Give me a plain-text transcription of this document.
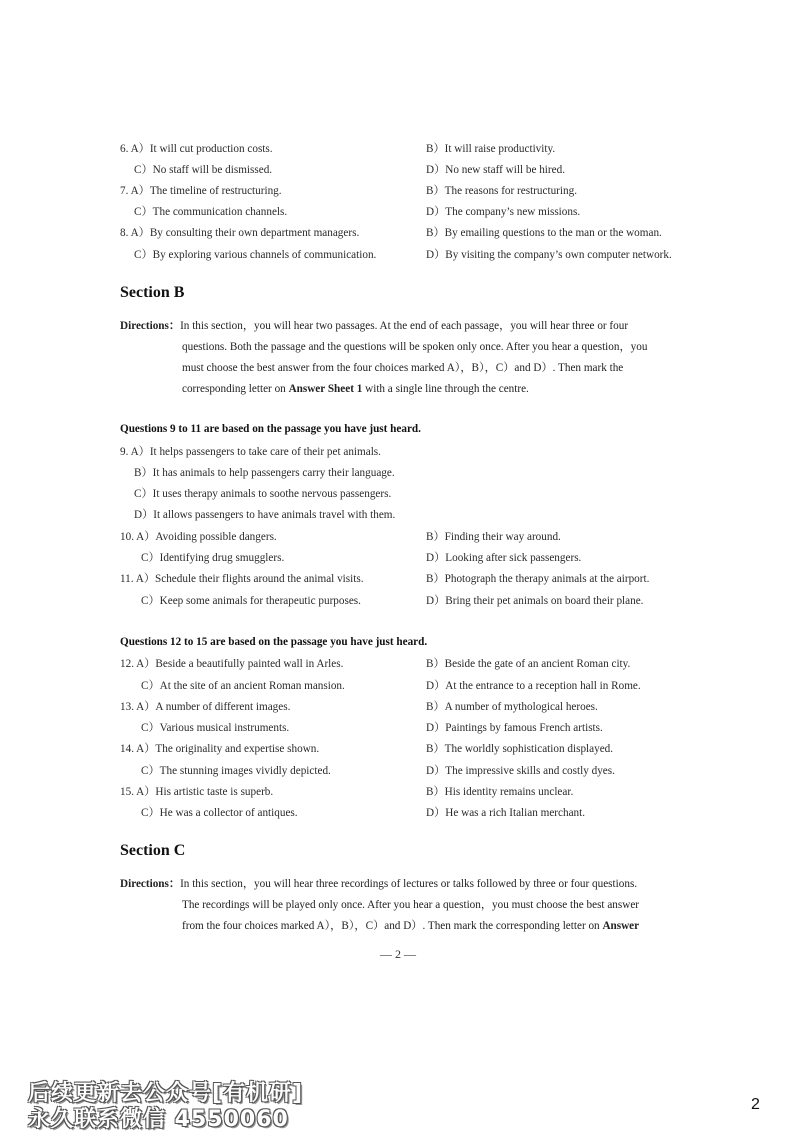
6. A）It will cut production costs.	B）It will raise productivity.
C）No staff will be dismissed.	D）No new staff will be hired.
7. A）The timeline of restructuring.	B）The reasons for restructuring.
C）The communication channels.	D）The company’s new missions.
8. A）By consulting their own department managers.	B）By emailing questions to the man or the woman.
C）By exploring various channels of communication.	D）By visiting the company’s own computer network.
Section B
Directions：In this section，you will hear two passages. At the end of each passage，you will hear three or four
questions. Both the passage and the questions will be spoken only once. After you hear a question，you
must choose the best answer from the four choices marked A），B），C）and D）. Then mark the
corresponding letter on Answer Sheet 1 with a single line through the centre.
Questions 9 to 11 are based on the passage you have just heard.
9. A）It helps passengers to take care of their pet animals.
B）It has animals to help passengers carry their language.
C）It uses therapy animals to soothe nervous passengers.
D）It allows passengers to have animals travel with them.
10. A）Avoiding possible dangers.	B）Finding their way around.
C）Identifying drug smugglers.	D）Looking after sick passengers.
11. A）Schedule their flights around the animal visits.	B）Photograph the therapy animals at the airport.
C）Keep some animals for therapeutic purposes.	D）Bring their pet animals on board their plane.
Questions 12 to 15 are based on the passage you have just heard.
12. A）Beside a beautifully painted wall in Arles.	B）Beside the gate of an ancient Roman city.
C）At the site of an ancient Roman mansion.	D）At the entrance to a reception hall in Rome.
13. A）A number of different images.	B）A number of mythological heroes.
C）Various musical instruments.	D）Paintings by famous French artists.
14. A）The originality and expertise shown.	B）The worldly sophistication displayed.
C）The stunning images vividly depicted.	D）The impressive skills and costly dyes.
15. A）His artistic taste is superb.	B）His identity remains unclear.
C）He was a collector of antiques.	D）He was a rich Italian merchant.
Section C
Directions：In this section，you will hear three recordings of lectures or talks followed by three or four questions.
The recordings will be played only once. After you hear a question，you must choose the best answer
from the four choices marked A），B），C）and D）. Then mark the corresponding letter on Answer
— 2 —
后续更新去公众号[有机研]
永久联系微信 4550060
2
